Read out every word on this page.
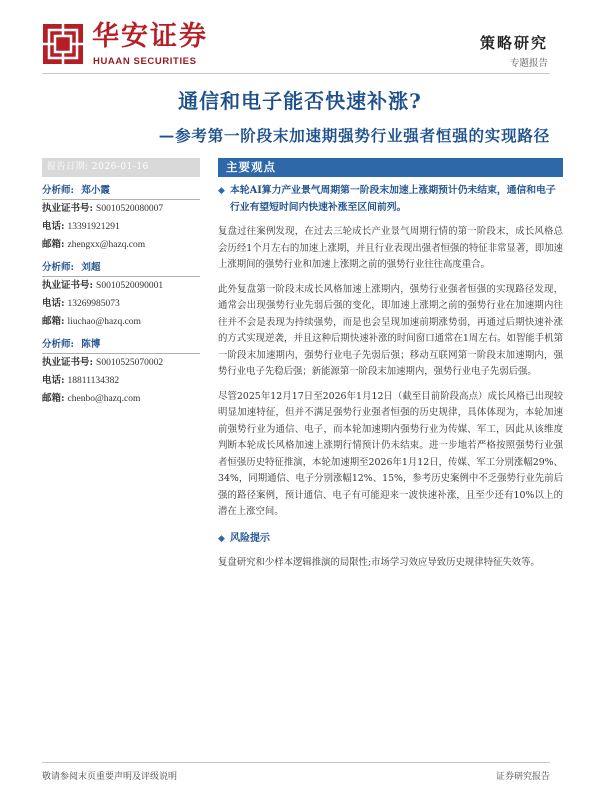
华安证券
HUAAN SECURITIES
策略研究
专题报告
通信和电子能否快速补涨?
—参考第一阶段末加速期强势行业强者恒强的实现路径
报告日期: 2026-01-16
分析师: 郑小霞
执业证书号: S0010520080007
电话: 13391921291
邮箱: zhengxx@hazq.com
分析师: 刘超
执业证书号: S0010520090001
电话: 13269985073
邮箱: liuchao@hazq.com
分析师: 陈博
执业证书号: S0010525070002
电话: 18811134382
邮箱: chenbo@hazq.com
主要观点
◆ 本轮AI算力产业景气周期第一阶段末加速上涨期预计仍未结束，通信和电子行业有望短时间内快速补涨至区间前列。
复盘过往案例发现，在过去三轮成长产业景气周期行情的第一阶段末，成长风格总会历经1个月左右的加速上涨期，并且行业表现出强者恒强的特征非常显著，即加速上涨期间的强势行业和加速上涨期之前的强势行业往往高度重合。
此外复盘第一阶段末成长风格加速上涨期内，强势行业强者恒强的实现路径发现，通常会出现强势行业先弱后强的变化，即加速上涨期之前的强势行业在加速期内往往并不会是表现为持续强势，而是也会呈现加速前期涨势弱，再通过后期快速补涨的方式实现逆袭，并且这种后期快速补涨的时间窗口通常在1周左右。如智能手机第一阶段末加速期内，强势行业电子先弱后强；移动互联网第一阶段末加速期内，强势行业电子先稳后强；新能源第一阶段末加速期内，强势行业电子先弱后强。
尽管2025年12月17日至2026年1月12日（截至目前阶段高点）成长风格已出现较明显加速特征，但并不满足强势行业强者恒强的历史规律，具体体现为，本轮加速前强势行业为通信、电子，而本轮加速期内强势行业为传媒、军工，因此从该维度判断本轮成长风格加速上涨期行情预计仍未结束。进一步地若严格按照强势行业强者恒强历史特征推演，本轮加速期至2026年1月12日，传媒、军工分别涨幅29%、34%，同期通信、电子分别涨幅12%、15%，参考历史案例中不乏强势行业先前后强的路径案例，预计通信、电子有可能迎来一波快速补涨，且至少还有10%以上的潜在上涨空间。
◆ 风险提示
复盘研究和少样本逻辑推演的局限性;市场学习效应导致历史规律特征失效等。
敬请参阅末页重要声明及评级说明	证券研究报告
